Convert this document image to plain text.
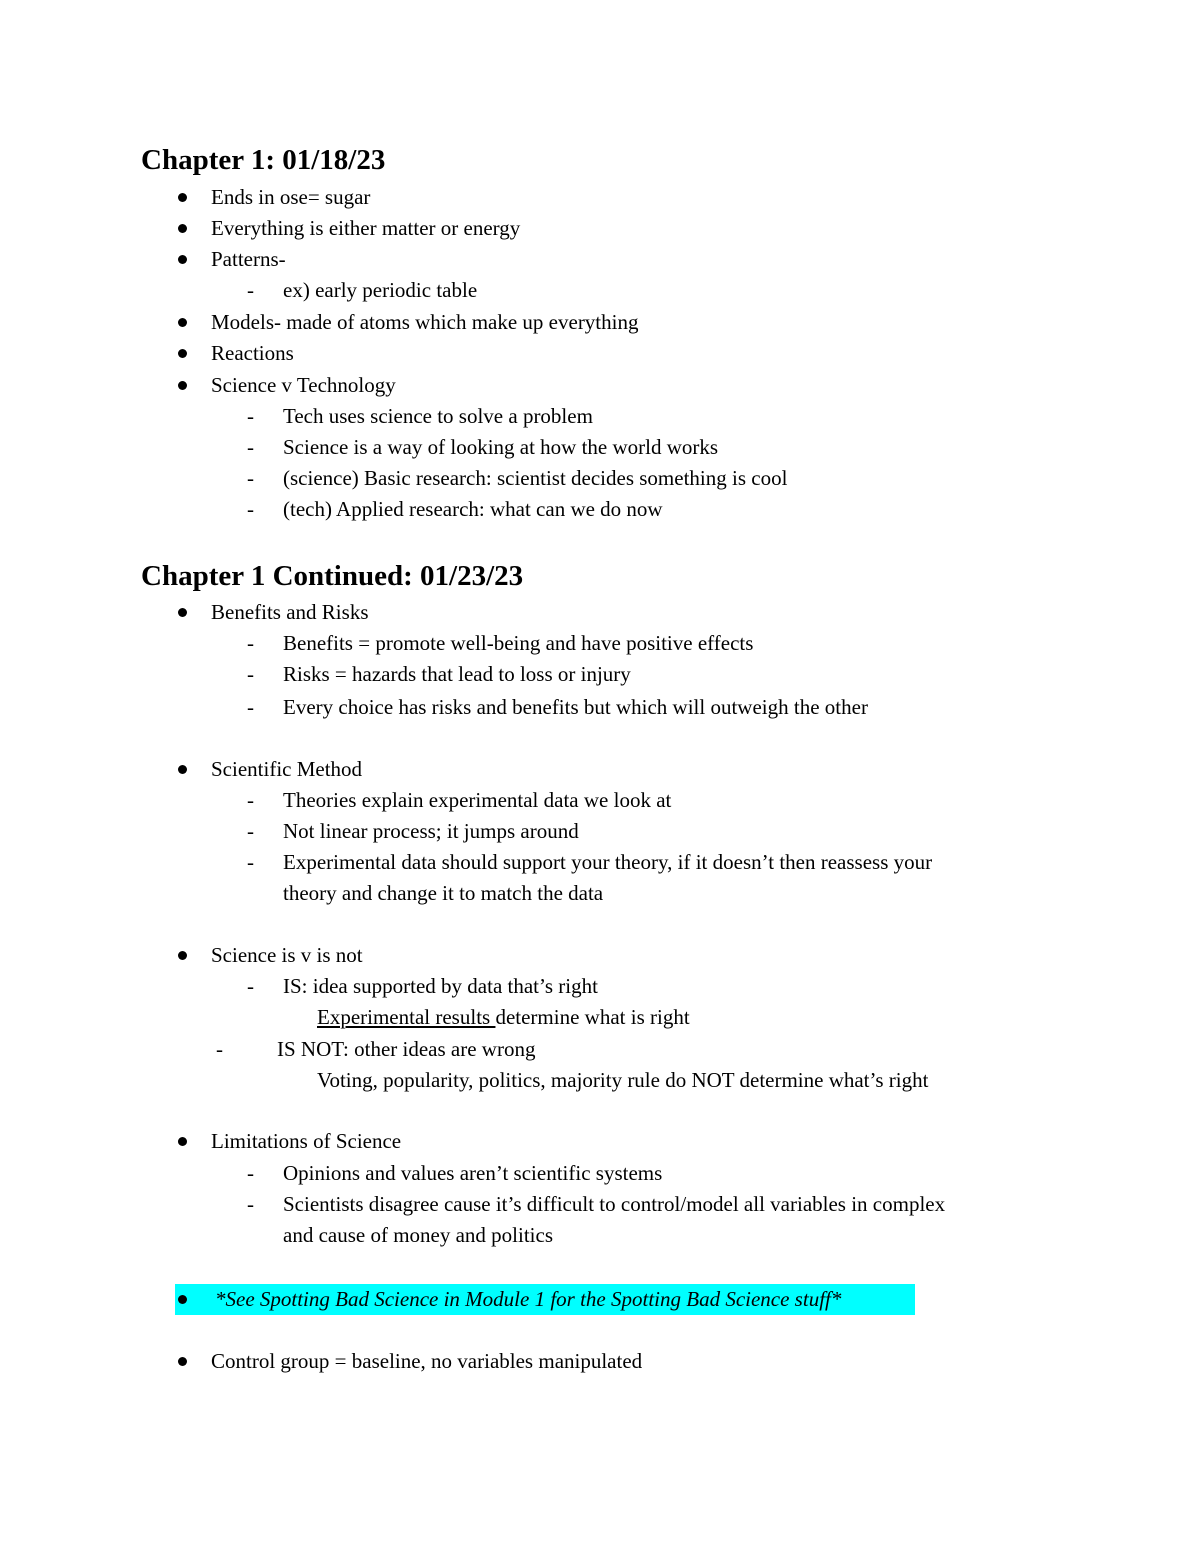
Chapter 1: 01/18/23
Ends in ose= sugar
Everything is either matter or energy
Patterns-
- ex) early periodic table
Models- made of atoms which make up everything
Reactions
Science v Technology
- Tech uses science to solve a problem
- Science is a way of looking at how the world works
- (science) Basic research: scientist decides something is cool
- (tech) Applied research: what can we do now
Chapter 1 Continued: 01/23/23
Benefits and Risks
- Benefits = promote well-being and have positive effects
- Risks = hazards that lead to loss or injury
- Every choice has risks and benefits but which will outweigh the other
Scientific Method
- Theories explain experimental data we look at
- Not linear process; it jumps around
- Experimental data should support your theory, if it doesn’t then reassess your
theory and change it to match the data
Science is v is not
- IS: idea supported by data that’s right
Experimental results determine what is right
-	IS NOT: other ideas are wrong
Voting, popularity, politics, majority rule do NOT determine what’s right
Limitations of Science
- Opinions and values aren’t scientific systems
- Scientists disagree cause it’s difficult to control/model all variables in complex
and cause of money and politics
*See Spotting Bad Science in Module 1 for the Spotting Bad Science stuff*
Control group = baseline, no variables manipulated
